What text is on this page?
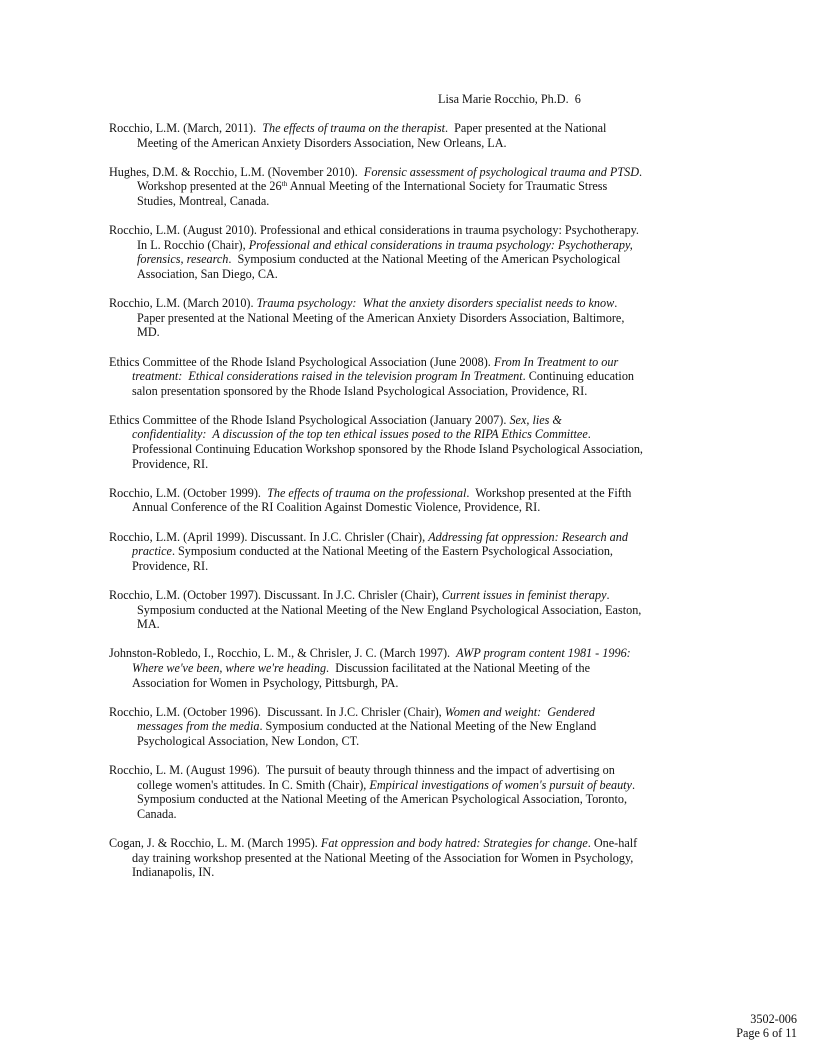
Lisa Marie Rocchio, Ph.D.  6
Rocchio, L.M. (March, 2011).  The effects of trauma on the therapist.  Paper presented at the National
Meeting of the American Anxiety Disorders Association, New Orleans, LA.
Hughes, D.M. & Rocchio, L.M. (November 2010).  Forensic assessment of psychological trauma and PTSD.
Workshop presented at the 26th Annual Meeting of the International Society for Traumatic Stress
Studies, Montreal, Canada.
Rocchio, L.M. (August 2010). Professional and ethical considerations in trauma psychology: Psychotherapy.
In L. Rocchio (Chair), Professional and ethical considerations in trauma psychology: Psychotherapy,
forensics, research.  Symposium conducted at the National Meeting of the American Psychological
Association, San Diego, CA.
Rocchio, L.M. (March 2010). Trauma psychology:  What the anxiety disorders specialist needs to know.
Paper presented at the National Meeting of the American Anxiety Disorders Association, Baltimore,
MD.
Ethics Committee of the Rhode Island Psychological Association (June 2008). From In Treatment to our
treatment:  Ethical considerations raised in the television program In Treatment. Continuing education
salon presentation sponsored by the Rhode Island Psychological Association, Providence, RI.
Ethics Committee of the Rhode Island Psychological Association (January 2007). Sex, lies &
confidentiality:  A discussion of the top ten ethical issues posed to the RIPA Ethics Committee.
Professional Continuing Education Workshop sponsored by the Rhode Island Psychological Association,
Providence, RI.
Rocchio, L.M. (October 1999).  The effects of trauma on the professional.  Workshop presented at the Fifth
Annual Conference of the RI Coalition Against Domestic Violence, Providence, RI.
Rocchio, L.M. (April 1999). Discussant. In J.C. Chrisler (Chair), Addressing fat oppression: Research and
practice. Symposium conducted at the National Meeting of the Eastern Psychological Association,
Providence, RI.
Rocchio, L.M. (October 1997). Discussant. In J.C. Chrisler (Chair), Current issues in feminist therapy.
Symposium conducted at the National Meeting of the New England Psychological Association, Easton,
MA.
Johnston-Robledo, I., Rocchio, L. M., & Chrisler, J. C. (March 1997).  AWP program content 1981 - 1996:
Where we've been, where we're heading.  Discussion facilitated at the National Meeting of the
Association for Women in Psychology, Pittsburgh, PA.
Rocchio, L.M. (October 1996).  Discussant. In J.C. Chrisler (Chair), Women and weight:  Gendered
messages from the media. Symposium conducted at the National Meeting of the New England
Psychological Association, New London, CT.
Rocchio, L. M. (August 1996).  The pursuit of beauty through thinness and the impact of advertising on
college women's attitudes. In C. Smith (Chair), Empirical investigations of women's pursuit of beauty.
Symposium conducted at the National Meeting of the American Psychological Association, Toronto,
Canada.
Cogan, J. & Rocchio, L. M. (March 1995). Fat oppression and body hatred: Strategies for change. One-half
day training workshop presented at the National Meeting of the Association for Women in Psychology,
Indianapolis, IN.
3502-006
Page 6 of 11
